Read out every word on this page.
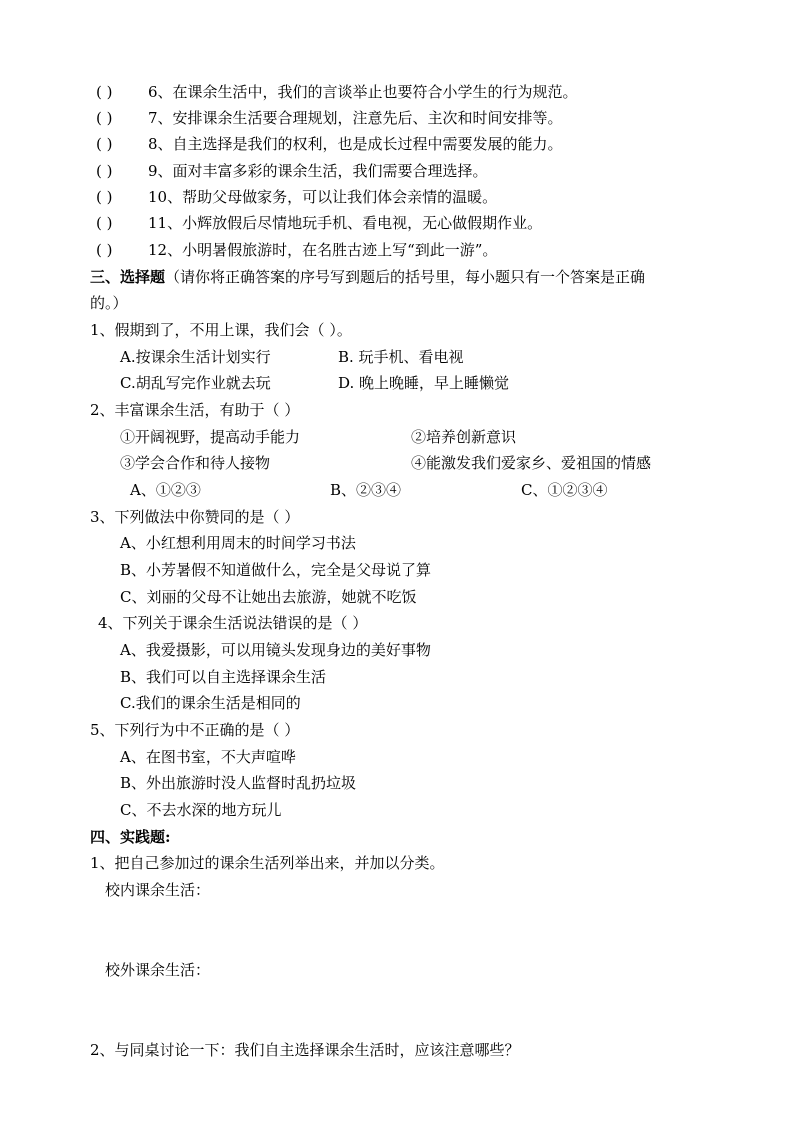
( ) 6、在课余生活中，我们的言谈举止也要符合小学生的行为规范。
( ) 7、安排课余生活要合理规划，注意先后、主次和时间安排等。
( ) 8、自主选择是我们的权利，也是成长过程中需要发展的能力。
( ) 9、面对丰富多彩的课余生活，我们需要合理选择。
( ) 10、帮助父母做家务，可以让我们体会亲情的温暖。
( ) 11、小辉放假后尽情地玩手机、看电视，无心做假期作业。
( ) 12、小明暑假旅游时，在名胜古迹上写“到此一游”。
三、选择题（请你将正确答案的序号写到题后的括号里，每小题只有一个答案是正确
的。）
1、假期到了，不用上课，我们会（ ）。
A.按课余生活计划实行	B. 玩手机、看电视
C.胡乱写完作业就去玩	D. 晚上晚睡，早上睡懒觉
2、丰富课余生活，有助于（ ）
①开阔视野，提高动手能力	②培养创新意识
③学会合作和待人接物	④能激发我们爱家乡、爱祖国的情感
A、①②③	B、②③④	C、①②③④
3、下列做法中你赞同的是（ ）
A、小红想利用周末的时间学习书法
B、小芳暑假不知道做什么，完全是父母说了算
C、刘丽的父母不让她出去旅游，她就不吃饭
4、下列关于课余生活说法错误的是（ ）
A、我爱摄影，可以用镜头发现身边的美好事物
B、我们可以自主选择课余生活
C.我们的课余生活是相同的
5、下列行为中不正确的是（ ）
A、在图书室，不大声喧哗
B、外出旅游时没人监督时乱扔垃圾
C、不去水深的地方玩儿
四、实践题:
1、把自己参加过的课余生活列举出来，并加以分类。
校内课余生活：
校外课余生活：
2、与同桌讨论一下：我们自主选择课余生活时，应该注意哪些？
